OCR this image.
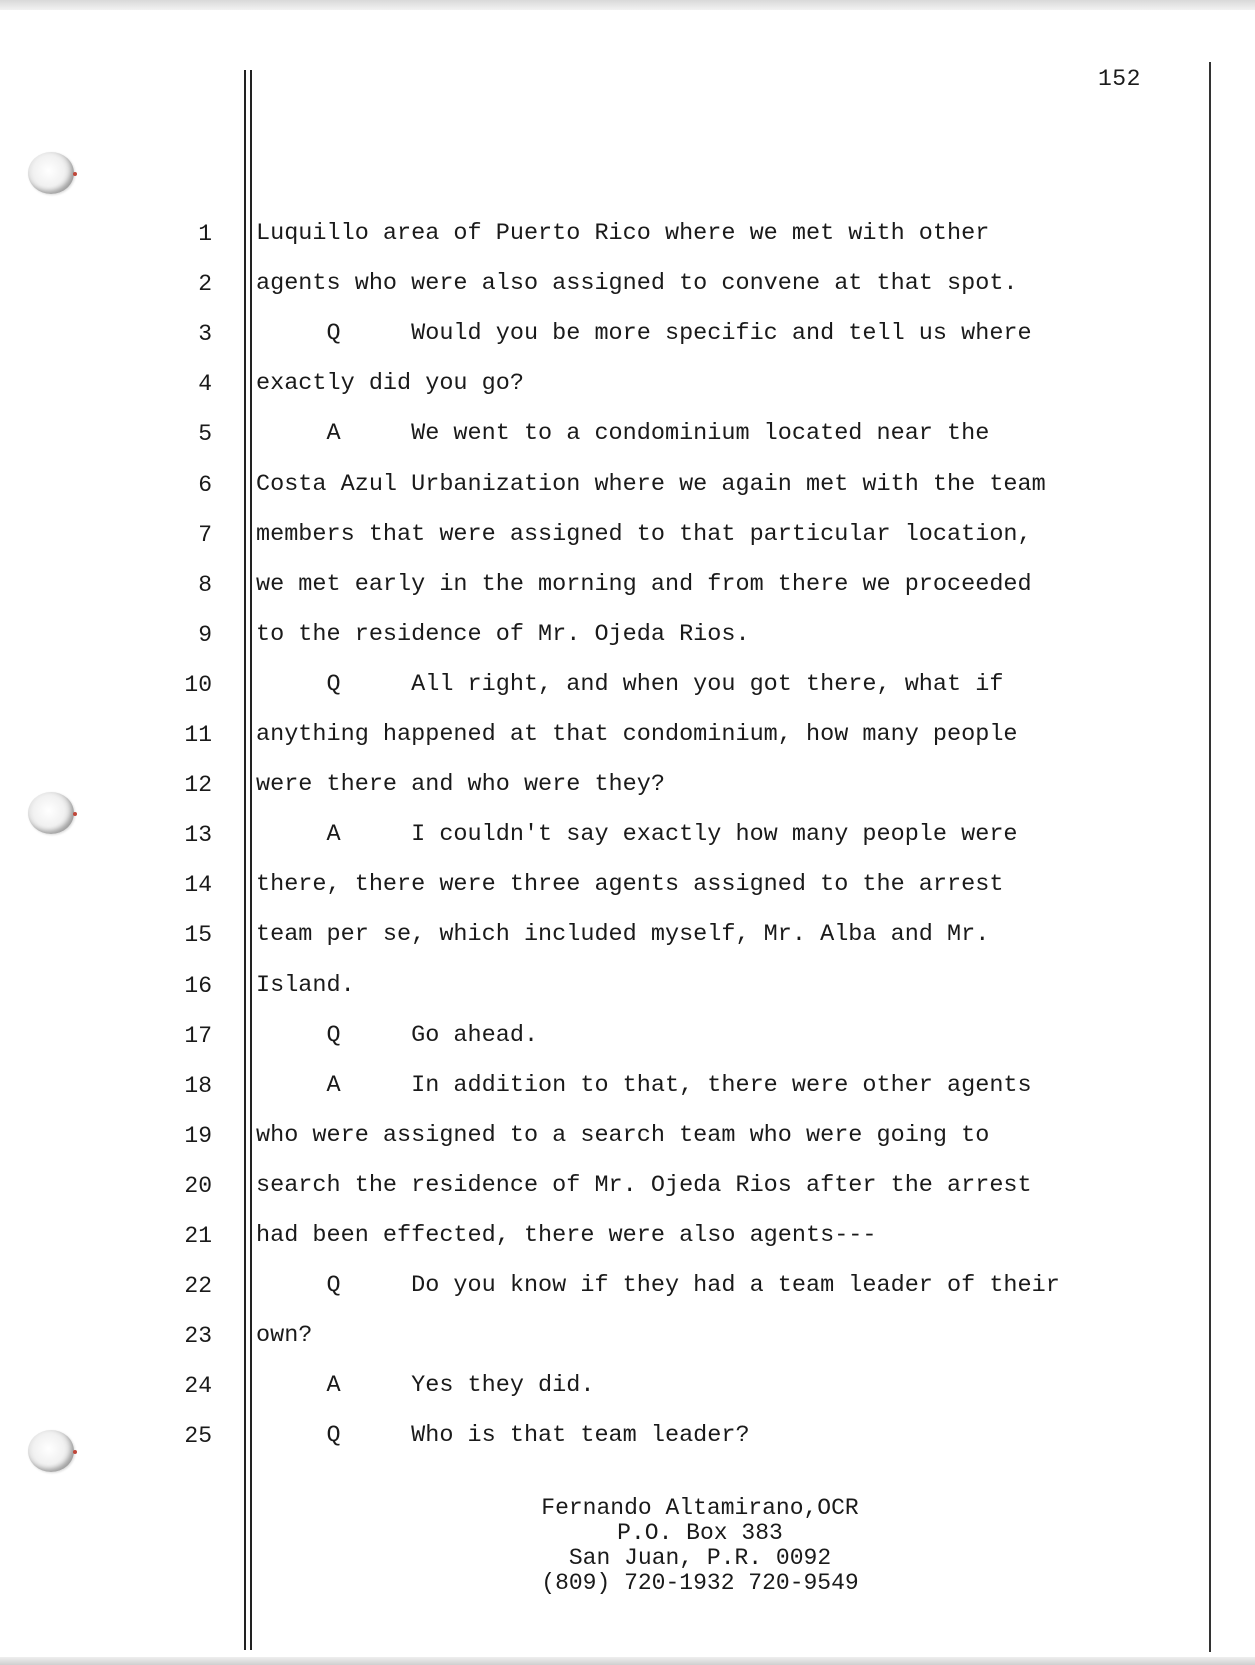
152
1 Luquillo area of Puerto Rico where we met with other
2 agents who were also assigned to convene at that spot.
3 Q     Would you be more specific and tell us where
4 exactly did you go?
5 A     We went to a condominium located near the
6 Costa Azul Urbanization where we again met with the team
7 members that were assigned to that particular location,
8 we met early in the morning and from there we proceeded
9 to the residence of Mr. Ojeda Rios.
10 Q     All right, and when you got there, what if
11 anything happened at that condominium, how many people
12 were there and who were they?
13 A     I couldn't say exactly how many people were
14 there, there were three agents assigned to the arrest
15 team per se, which included myself, Mr. Alba and Mr.
16 Island.
17 Q     Go ahead.
18 A     In addition to that, there were other agents
19 who were assigned to a search team who were going to
20 search the residence of Mr. Ojeda Rios after the arrest
21 had been effected, there were also agents---
22 Q     Do you know if they had a team leader of their
23 own?
24 A     Yes they did.
25 Q     Who is that team leader?
Fernando Altamirano,OCR
P.O. Box 383
San Juan, P.R. 0092
(809) 720-1932 720-9549
